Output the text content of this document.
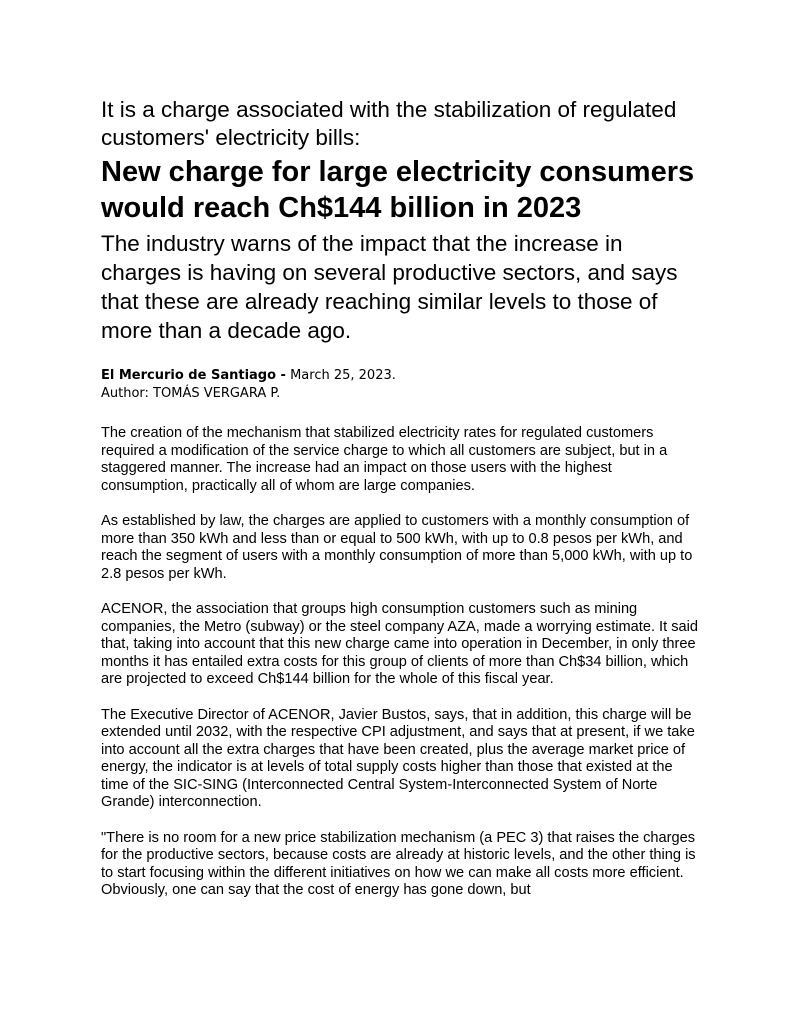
It is a charge associated with the stabilization of regulated customers' electricity bills:
New charge for large electricity consumers would reach Ch$144 billion in 2023
The industry warns of the impact that the increase in charges is having on several productive sectors, and says that these are already reaching similar levels to those of more than a decade ago.
El Mercurio de Santiago - March 25, 2023.
Author: TOMÁS VERGARA P.

The creation of the mechanism that stabilized electricity rates for regulated customers required a modification of the service charge to which all customers are subject, but in a staggered manner. The increase had an impact on those users with the highest consumption, practically all of whom are large companies.

As established by law, the charges are applied to customers with a monthly consumption of more than 350 kWh and less than or equal to 500 kWh, with up to 0.8 pesos per kWh, and reach the segment of users with a monthly consumption of more than 5,000 kWh, with up to 2.8 pesos per kWh.

ACENOR, the association that groups high consumption customers such as mining companies, the Metro (subway) or the steel company AZA, made a worrying estimate. It said that, taking into account that this new charge came into operation in December, in only three months it has entailed extra costs for this group of clients of more than Ch$34 billion, which are projected to exceed Ch$144 billion for the whole of this fiscal year.

The Executive Director of ACENOR, Javier Bustos, says, that in addition, this charge will be extended until 2032, with the respective CPI adjustment, and says that at present, if we take into account all the extra charges that have been created, plus the average market price of energy, the indicator is at levels of total supply costs higher than those that existed at the time of the SIC-SING (Interconnected Central System-Interconnected System of Norte Grande) interconnection.

"There is no room for a new price stabilization mechanism (a PEC 3) that raises the charges for the productive sectors, because costs are already at historic levels, and the other thing is to start focusing within the different initiatives on how we can make all costs more efficient. Obviously, one can say that the cost of energy has gone down, but
